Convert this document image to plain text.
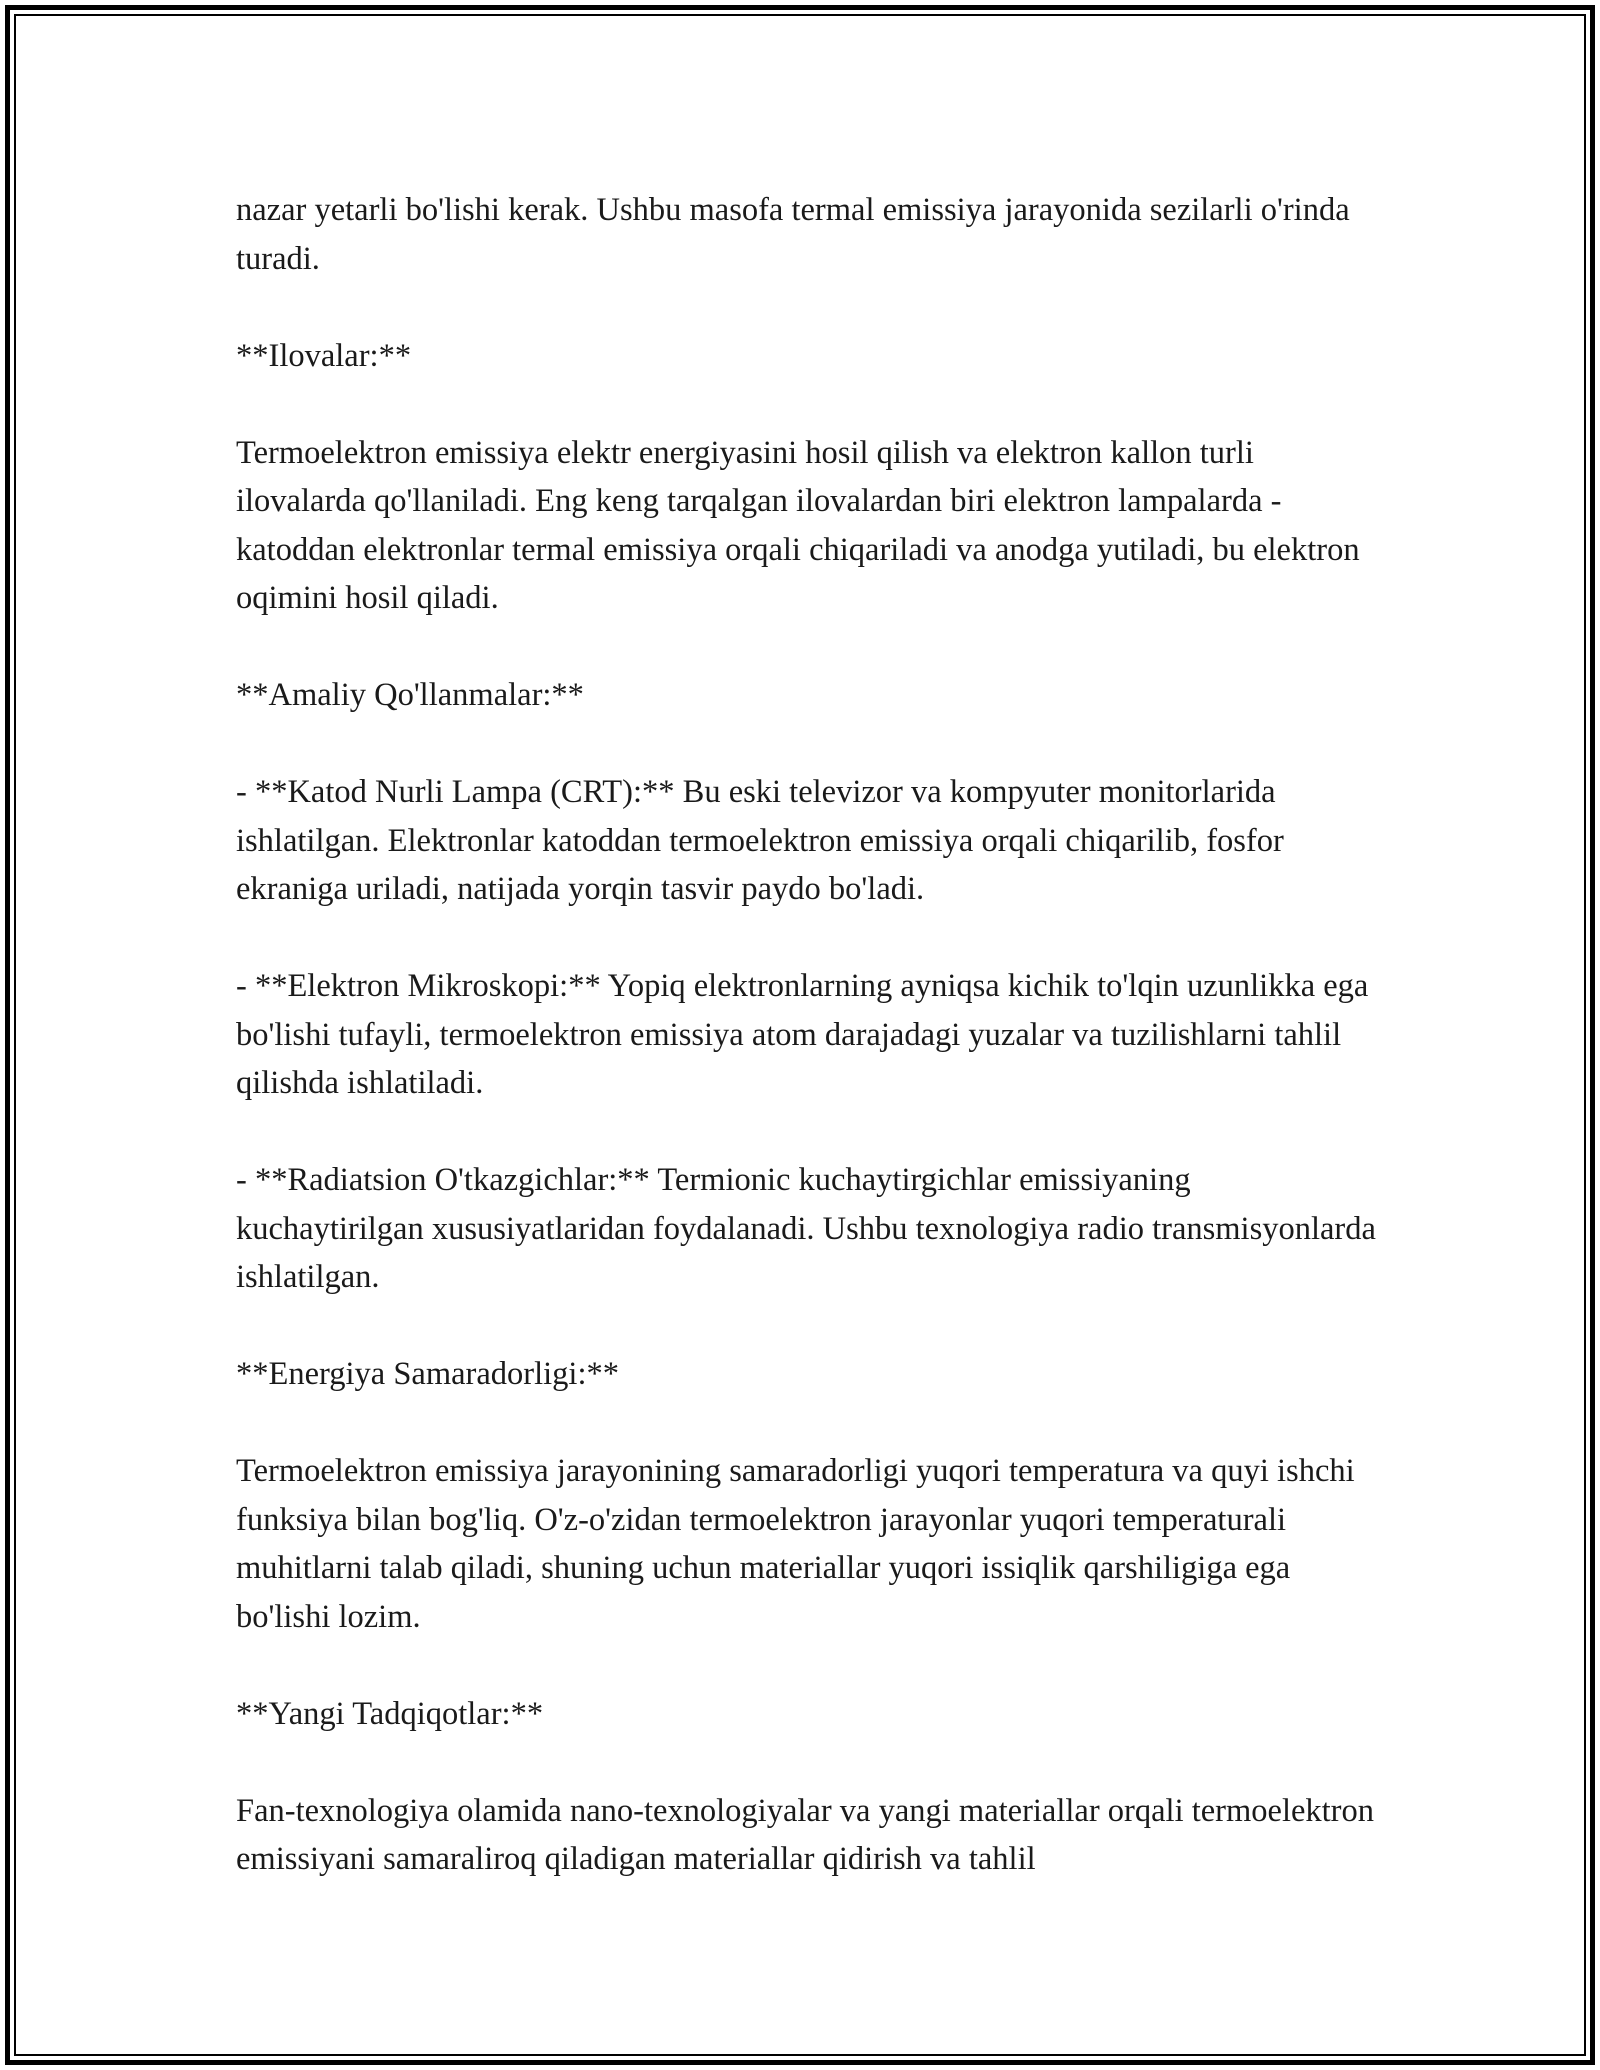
nazar yetarli bo'lishi kerak. Ushbu masofa termal emissiya jarayonida sezilarli o'rinda turadi.

**Ilovalar:**

Termoelektron emissiya elektr energiyasini hosil qilish va elektron kallon turli ilovalarda qo'llaniladi. Eng keng tarqalgan ilovalardan biri elektron lampalarda - katoddan elektronlar termal emissiya orqali chiqariladi va anodga yutiladi, bu elektron oqimini hosil qiladi.

**Amaliy Qo'llanmalar:**

- **Katod Nurli Lampa (CRT):** Bu eski televizor va kompyuter monitorlarida ishlatilgan. Elektronlar katoddan termoelektron emissiya orqali chiqarilib, fosfor ekraniga uriladi, natijada yorqin tasvir paydo bo'ladi.

- **Elektron Mikroskopi:** Yopiq elektronlarning ayniqsa kichik to'lqin uzunlikka ega bo'lishi tufayli, termoelektron emissiya atom darajadagi yuzalar va tuzilishlarni tahlil qilishda ishlatiladi.

- **Radiatsion O'tkazgichlar:** Termionic kuchaytirgichlar emissiyaning kuchaytirilgan xususiyatlaridan foydalanadi. Ushbu texnologiya radio transmisyonlarda ishlatilgan.

**Energiya Samaradorligi:**

Termoelektron emissiya jarayonining samaradorligi yuqori temperatura va quyi ishchi funksiya bilan bog'liq. O'z-o'zidan termoelektron jarayonlar yuqori temperaturali muhitlarni talab qiladi, shuning uchun materiallar yuqori issiqlik qarshiligiga ega bo'lishi lozim.

**Yangi Tadqiqotlar:**

Fan-texnologiya olamida nano-texnologiyalar va yangi materiallar orqali termoelektron emissiyani samaraliroq qiladigan materiallar qidirish va tahlil
